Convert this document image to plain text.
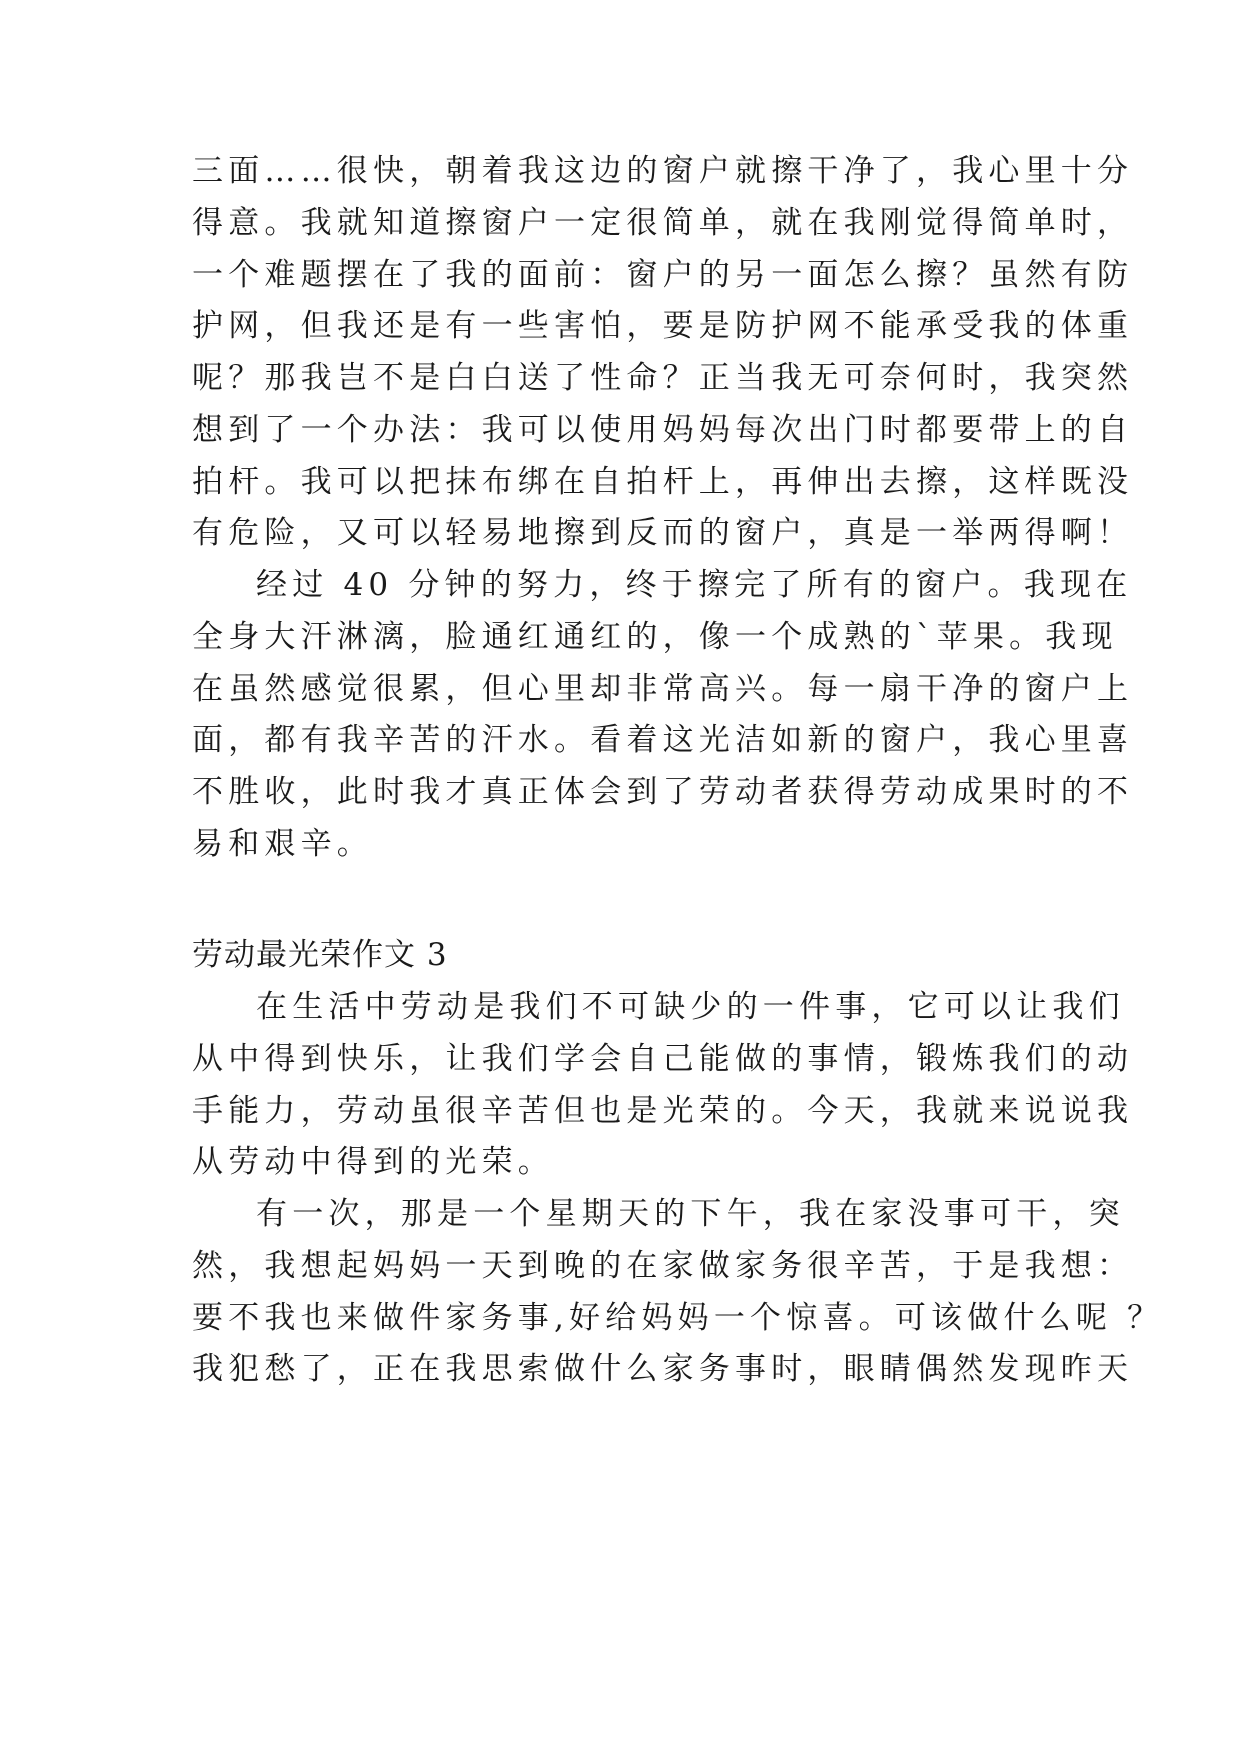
三面……很快，朝着我这边的窗户就擦干净了，我心里十分
得意。我就知道擦窗户一定很简单，就在我刚觉得简单时，
一个难题摆在了我的面前：窗户的另一面怎么擦？虽然有防
护网，但我还是有一些害怕，要是防护网不能承受我的体重
呢？那我岂不是白白送了性命？正当我无可奈何时，我突然
想到了一个办法：我可以使用妈妈每次出门时都要带上的自
拍杆。我可以把抹布绑在自拍杆上，再伸出去擦，这样既没
有危险，又可以轻易地擦到反而的窗户，真是一举两得啊！
经过 40 分钟的努力，终于擦完了所有的窗户。我现在
全身大汗淋漓，脸通红通红的，像一个成熟的`苹果。我现
在虽然感觉很累，但心里却非常高兴。每一扇干净的窗户上
面，都有我辛苦的汗水。看着这光洁如新的窗户，我心里喜
不胜收，此时我才真正体会到了劳动者获得劳动成果时的不
易和艰辛。
劳动最光荣作文 3
在生活中劳动是我们不可缺少的一件事，它可以让我们
从中得到快乐，让我们学会自己能做的事情，锻炼我们的动
手能力，劳动虽很辛苦但也是光荣的。今天，我就来说说我
从劳动中得到的光荣。
有一次，那是一个星期天的下午，我在家没事可干，突
然，我想起妈妈一天到晚的在家做家务很辛苦，于是我想：
要不我也来做件家务事,好给妈妈一个惊喜。可该做什么呢 ？
我犯愁了，正在我思索做什么家务事时，眼睛偶然发现昨天
